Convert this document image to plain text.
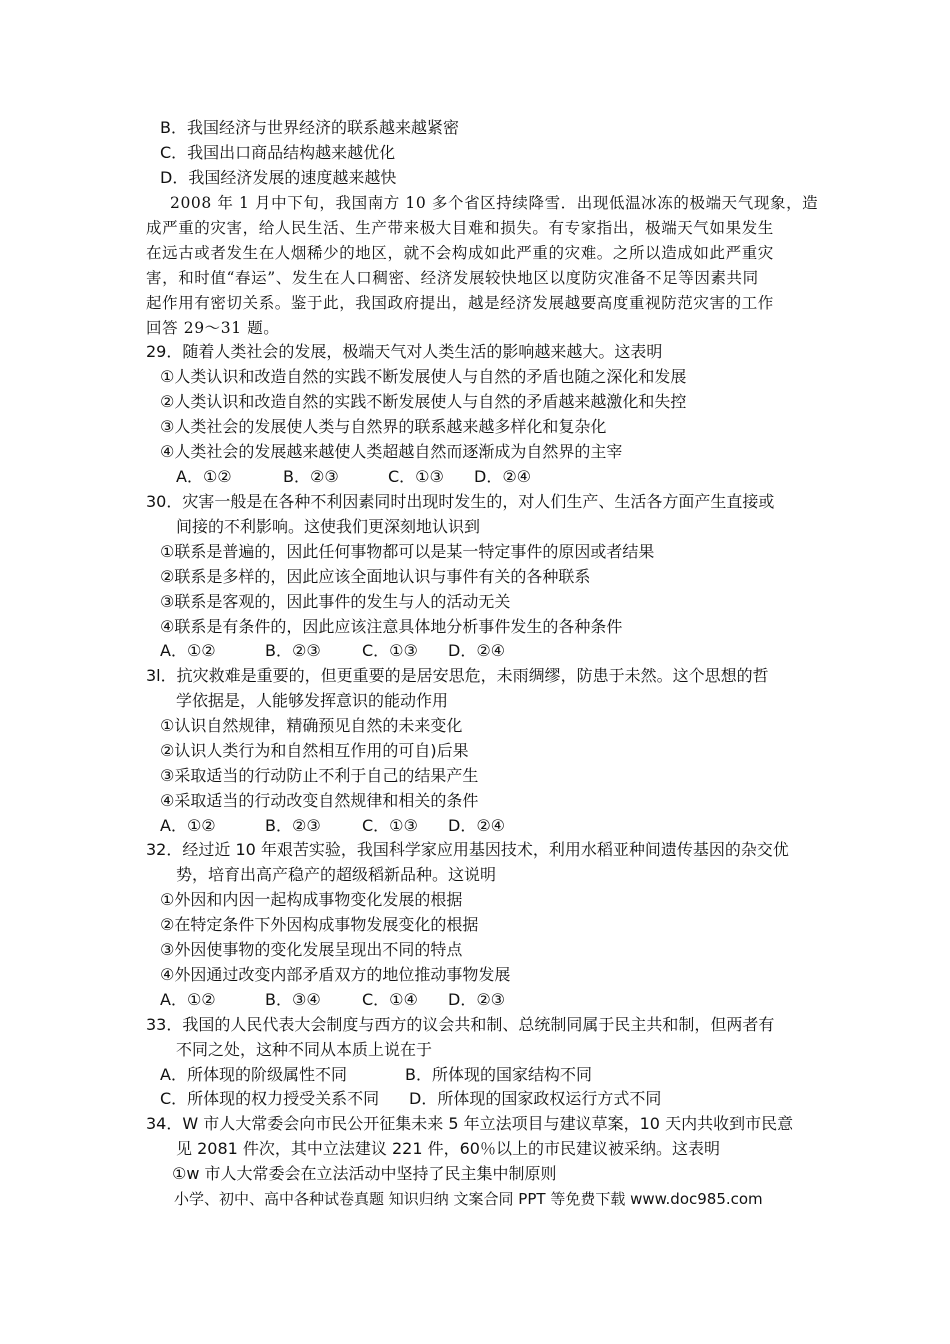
B．我国经济与世界经济的联系越来越紧密
C．我国出口商品结构越来越优化
D．我国经济发展的速度越来越快
2008 年 1 月中下旬，我国南方 10 多个省区持续降雪．出现低温冰冻的极端天气现象，造
成严重的灾害，给人民生活、生产带来极大目难和损失。有专家指出，极端天气如果发生
在远古或者发生在人烟稀少的地区，就不会构成如此严重的灾难。之所以造成如此严重灾
害，和时值“春运”、发生在人口稠密、经济发展较快地区以度防灾准备不足等因素共同
起作用有密切关系。鉴于此，我国政府提出，越是经济发展越要高度重视防范灾害的工作
回答 29～31 题。
29．随着人类社会的发展，极端天气对人类生活的影响越来越大。这表明
①人类认识和改造自然的实践不断发展使人与自然的矛盾也随之深化和发展
②人类认识和改造自然的实践不断发展使人与自然的矛盾越来越激化和失控
③人类社会的发展使人类与自然界的联系越来越多样化和复杂化
④人类社会的发展越来越使人类超越自然而逐渐成为自然界的主宰
A．①②	B．②③	C．①③ D．②④
30．灾害一般是在各种不利因素同时出现时发生的，对人们生产、生活各方面产生直接或
间接的不利影响。这使我们更深刻地认识到
①联系是普遍的，因此任何事物都可以是某一特定事件的原因或者结果
②联系是多样的，因此应该全面地认识与事件有关的各种联系
③联系是客观的，因此事件的发生与人的活动无关
④联系是有条件的，因此应该注意具体地分析事件发生的各种条件
A．①②	B．②③	C．①③ D．②④
3l．抗灾救难是重要的，但更重要的是居安思危，未雨绸缪，防患于未然。这个思想的哲
学依据是，人能够发挥意识的能动作用
①认识自然规律，精确预见自然的未来变化
②认识人类行为和自然相互作用的可自)后果
③采取适当的行动防止不利于自己的结果产生
④采取适当的行动改变自然规律和相关的条件
A．①②	B．②③	C．①③ D．②④
32．经过近 10 年艰苦实验，我国科学家应用基因技术，利用水稻亚种间遗传基因的杂交优
势，培育出高产稳产的超级稻新品种。这说明
①外因和内因一起构成事物变化发展的根据
②在特定条件下外因构成事物发展变化的根据
③外因使事物的变化发展呈现出不同的特点
④外因通过改变内部矛盾双方的地位推动事物发展
A．①②	B．③④	C．①④ D．②③
33．我国的人民代表大会制度与西方的议会共和制、总统制同属于民主共和制，但两者有
不同之处，这种不同从本质上说在于
A．所体现的阶级属性不同	B．所体现的国家结构不同
C．所体现的权力授受关系不同 D．所体现的国家政权运行方式不同
34．W 市人大常委会向市民公开征集未来 5 年立法项目与建议草案，10 天内共收到市民意
见 2081 件次，其中立法建议 221 件，60％以上的市民建议被采纳。这表明
①w 市人大常委会在立法活动中坚持了民主集中制原则
小学、初中、高中各种试卷真题 知识归纳 文案合同 PPT 等免费下载 www.doc985.com
